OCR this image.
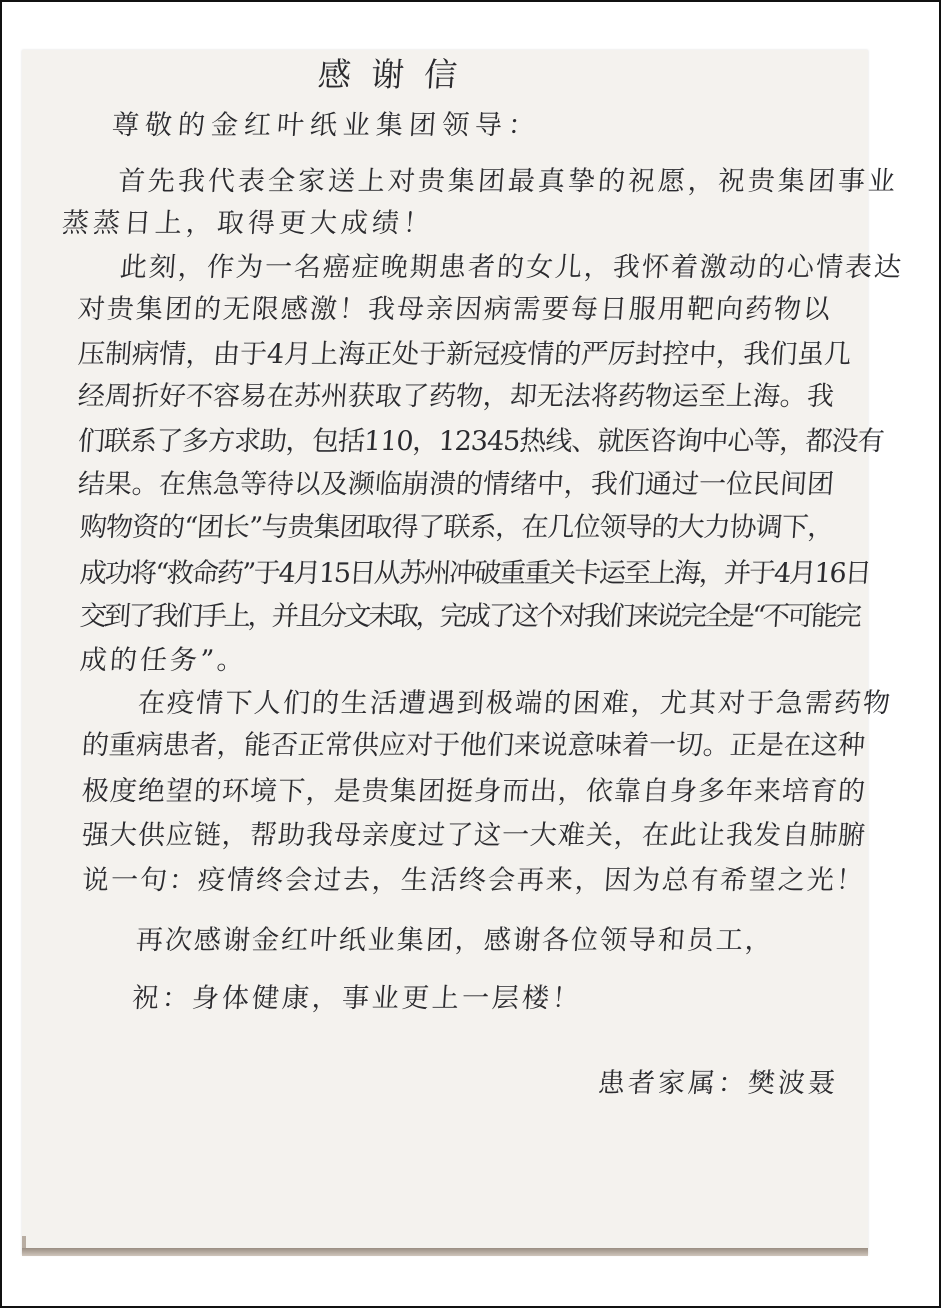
感谢信
尊敬的金红叶纸业集团领导：
首先我代表全家送上对贵集团最真挚的祝愿，祝贵集团事业
蒸蒸日上，取得更大成绩！
此刻，作为一名癌症晚期患者的女儿，我怀着激动的心情表达
对贵集团的无限感激！我母亲因病需要每日服用靶向药物以
压制病情，由于4月上海正处于新冠疫情的严厉封控中，我们虽几
经周折好不容易在苏州获取了药物，却无法将药物运至上海。我
们联系了多方求助，包括110，12345热线、就医咨询中心等，都没有
结果。在焦急等待以及濒临崩溃的情绪中，我们通过一位民间团
购物资的“团长”与贵集团取得了联系，在几位领导的大力协调下，
成功将“救命药”于4月15日从苏州冲破重重关卡运至上海，并于4月16日
交到了我们手上，并且分文未取，完成了这个对我们来说完全是“不可能完
成的任务”。
在疫情下人们的生活遭遇到极端的困难，尤其对于急需药物
的重病患者，能否正常供应对于他们来说意味着一切。正是在这种
极度绝望的环境下，是贵集团挺身而出，依靠自身多年来培育的
强大供应链，帮助我母亲度过了这一大难关，在此让我发自肺腑
说一句：疫情终会过去，生活终会再来，因为总有希望之光！
再次感谢金红叶纸业集团，感谢各位领导和员工，
祝：身体健康，事业更上一层楼！
患者家属：樊波聂
